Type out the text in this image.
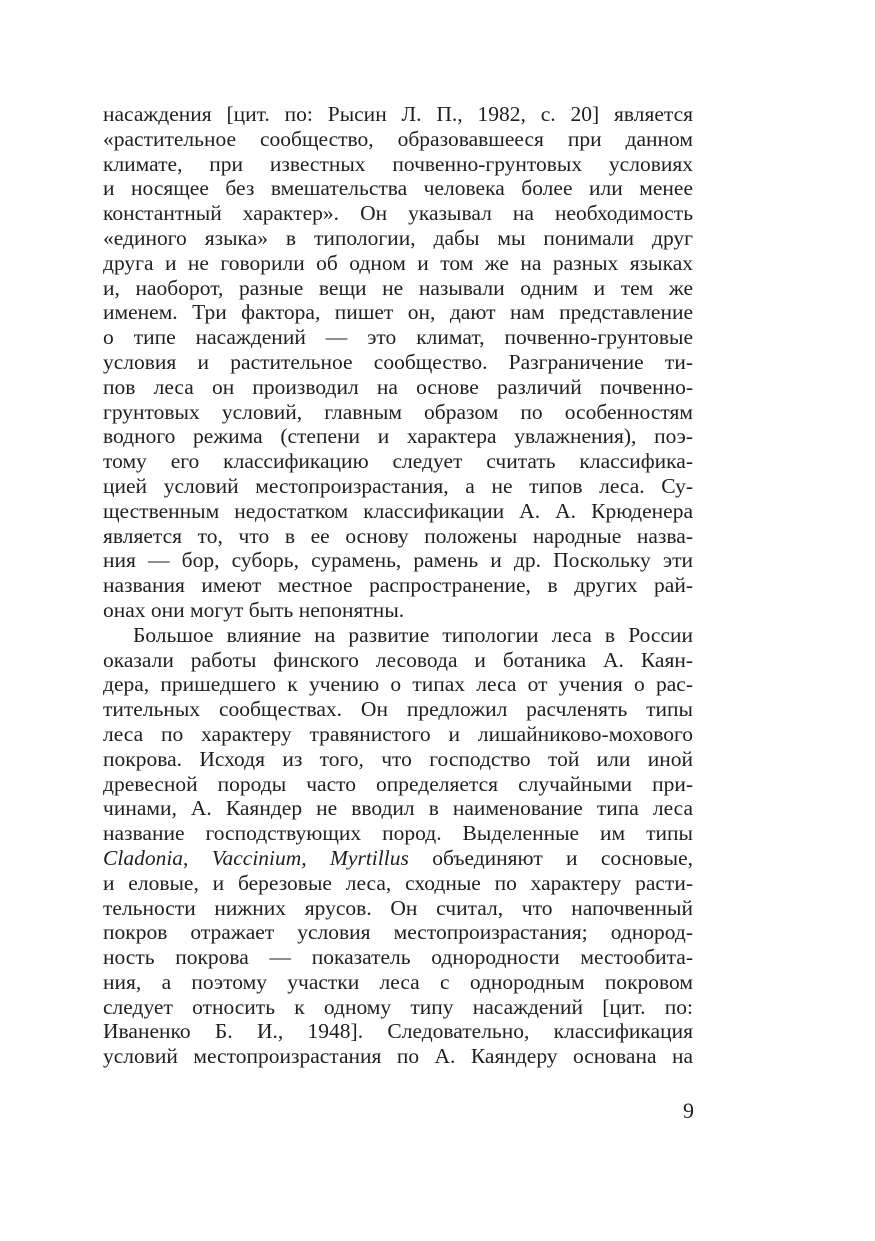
насаждения [цит. по: Рысин Л. П., 1982, с. 20] является
«растительное сообщество, образовавшееся при данном
климате, при известных почвенно-грунтовых условиях
и носящее без вмешательства человека более или менее
константный характер». Он указывал на необходимость
«единого языка» в типологии, дабы мы понимали друг
друга и не говорили об одном и том же на разных языках
и, наоборот, разные вещи не называли одним и тем же
именем. Три фактора, пишет он, дают нам представление
о типе насаждений — это климат, почвенно-грунтовые
условия и растительное сообщество. Разграничение ти-
пов леса он производил на основе различий почвенно-
грунтовых условий, главным образом по особенностям
водного режима (степени и характера увлажнения), поэ-
тому его классификацию следует считать классифика-
цией условий местопроизрастания, а не типов леса. Су-
щественным недостатком классификации А. А. Крюденера
является то, что в ее основу положены народные назва-
ния — бор, суборь, сурамень, рамень и др. Поскольку эти
названия имеют местное распространение, в других рай-
онах они могут быть непонятны.
Большое влияние на развитие типологии леса в России
оказали работы финского лесовода и ботаника А. Каян-
дера, пришедшего к учению о типах леса от учения о рас-
тительных сообществах. Он предложил расчленять типы
леса по характеру травянистого и лишайниково-мохового
покрова. Исходя из того, что господство той или иной
древесной породы часто определяется случайными при-
чинами, А. Каяндер не вводил в наименование типа леса
название господствующих пород. Выделенные им типы
Cladonia, Vaccinium, Myrtillus объединяют и сосновые,
и еловые, и березовые леса, сходные по характеру расти-
тельности нижних ярусов. Он считал, что напочвенный
покров отражает условия местопроизрастания; однород-
ность покрова — показатель однородности местообита-
ния, а поэтому участки леса с однородным покровом
следует относить к одному типу насаждений [цит. по:
Иваненко Б. И., 1948]. Следовательно, классификация
условий местопроизрастания по А. Каяндеру основана на
9
